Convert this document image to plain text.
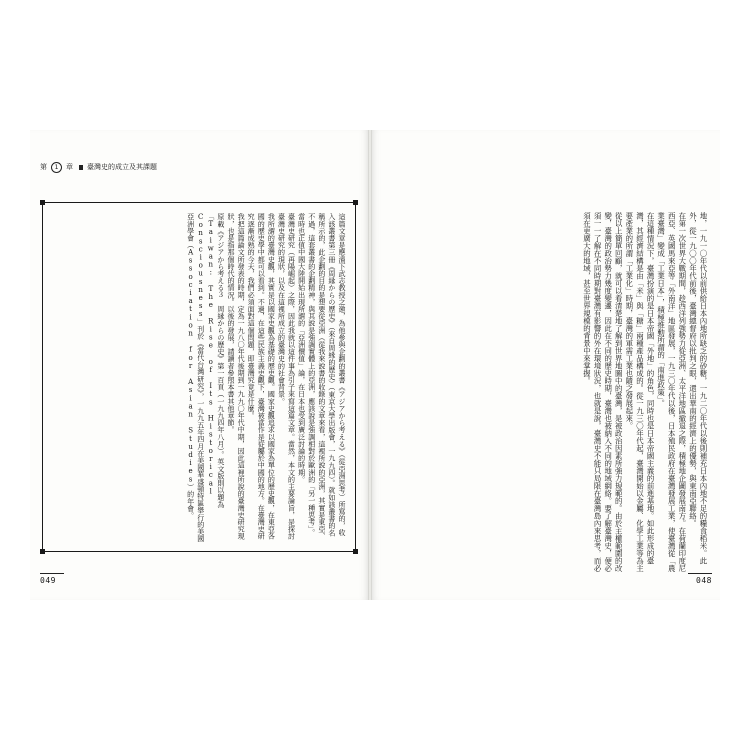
第	1	章 臺灣史的成立及其課題
這篇文章是應濱下武志教授之邀，為他參與企劃的叢書《アジアから考える》（從亞洲思考）所寫的，收入該叢書第三冊《周縁からの歷史》（來自周緣的歷史）（東京大學出版會，一九九四）。就如該叢書的名稱所示的，此企劃的目的是想要從亞洲（從我來說書的收錄的文章來看，這裡所說的亞洲，其實是東亞、不過，這套叢書的企劃精神，與其說是強調實體上的亞洲，應該說是強調相對於歐洲的「另一種思考」。當時也正值中國大陸開始出現所謂的「亞洲價值」論，在日本也受到廣泛討論的時期。
臺灣史研究（再陽崛起）之際，因此我就以這件事為引子來寫這篇文章。當然，本文的主要論旨，是探討臺灣史研究的現狀，以及在這裡所成立的臺灣史的社會背景。
我所謂的臺灣史觀，其實是以國家史觀為基礎的歷史觀。國家史觀追求以國家為單位的歷史觀，在東亞各國的歷史學中都可以看到。不過，在這些民族主義史觀下，臺灣被當作是從屬於中國的地方。在臺灣史研究逐漸成熟的今天，我們必須面對這個問題，即臺灣究竟是什麼。
我把這篇論文所發表的時期，定為一九八〇年代後期到一九九〇年代中期，因此這裡所說的臺灣史研究現狀，也是指那個時代的情況。以後的發展，請讀者參照本書其他章節。
原載《アジアから考える３　周縁からの歷史》第一百頁（一九九四年八月）。英文版則以題為「Taiwan: The Rise of Its Historical Consciousness」刊於《當代台灣研究》，一九九五年四月在美國華盛頓特區舉行的美國亞洲學會（Association for Asian Studies）的年會。
049
地，一九一〇年代以前供給日本內地所缺乏的砂糖，一九二〇年代以後則補充日本內地不足的糧食稻米。此外，從一九〇〇年代前後，臺灣總督府以批判之眼，還出華南的經濟上的優勢，與東南亞聯絡。
在第一次世界大戰期間，趁西洋列強勢力從亞洲、太平洋地區撤退之際，積極地企圖發展南方。在荷蘭印度尼西亞、英國馬來亞等「外南洋」地區發展，一九三〇年代以後，日本殖民政府在臺灣發展工業，使臺灣從「農業臺灣」變成「工業日本」，積極推動所謂的「南進政策」。
在這種情況下，臺灣扮演的是日本帝國「外地」的角色，同時也是日本帝國主義的前進基地。如此形成的臺灣，其經濟結構是由「米」與「糖」兩種產品構成的。從一九三〇年代起，臺灣開始以金屬、化學工業等為主要產業的所謂「工業化」時期，臺灣的軍需工業也隨之發展起來。
從以上簡單回顧，就可以看清楚地了解到世界地圖中的臺灣，是被政治因素所強力規範的。由於主權範圍的改變，臺灣的政治勢力幾度變遷，因此在不同的歷史時期，臺灣也被納入不同的地域網絡。要了解臺灣史，便必須一一了解在不同時期對臺灣有影響的外在環境狀況，也就是說，臺灣史不能只局限在臺灣島內來思考，而必須在更廣大的地域，甚至世界規模的背景中來掌握。
048
